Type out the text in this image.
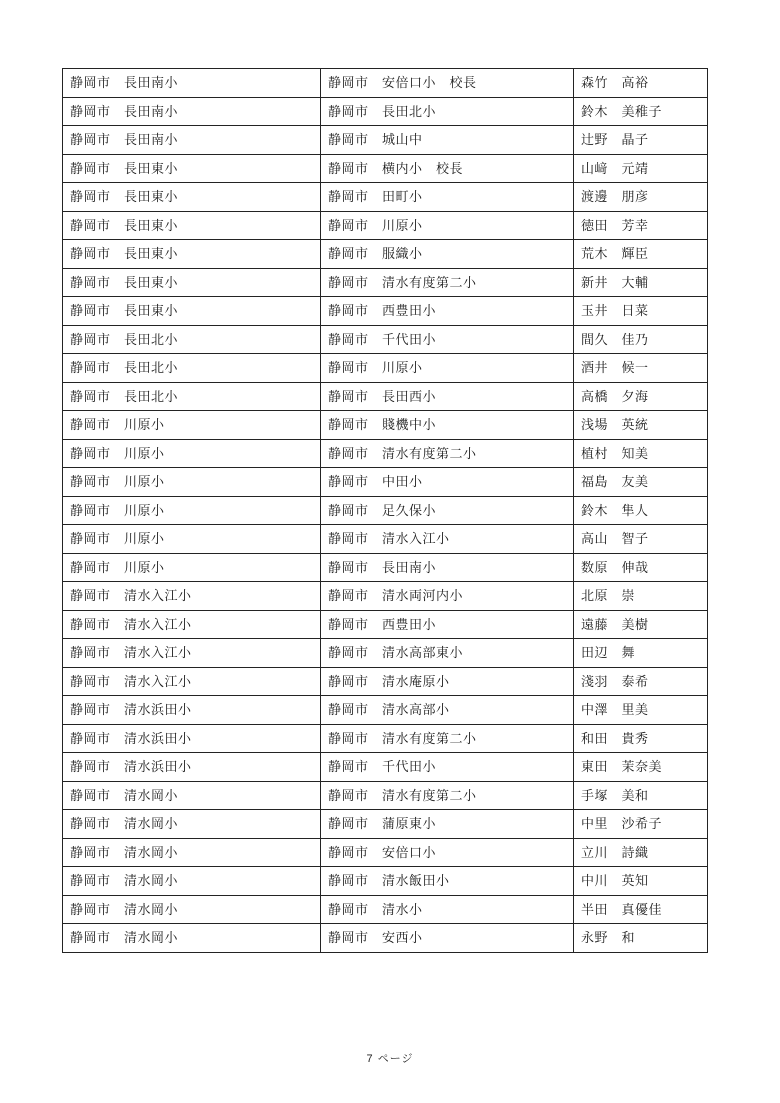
静岡市　長田南小	静岡市　安倍口小　校長	森竹　高裕
静岡市　長田南小	静岡市　長田北小	鈴木　美稚子
静岡市　長田南小	静岡市　城山中	辻野　晶子
静岡市　長田東小	静岡市　横内小　校長	山﨑　元靖
静岡市　長田東小	静岡市　田町小	渡邊　朋彦
静岡市　長田東小	静岡市　川原小	徳田　芳幸
静岡市　長田東小	静岡市　服織小	荒木　輝臣
静岡市　長田東小	静岡市　清水有度第二小	新井　大輔
静岡市　長田東小	静岡市　西豊田小	玉井　日菜
静岡市　長田北小	静岡市　千代田小	間久　佳乃
静岡市　長田北小	静岡市　川原小	酒井　候一
静岡市　長田北小	静岡市　長田西小	高橋　夕海
静岡市　川原小	静岡市　賤機中小	浅場　英統
静岡市　川原小	静岡市　清水有度第二小	植村　知美
静岡市　川原小	静岡市　中田小	福島　友美
静岡市　川原小	静岡市　足久保小	鈴木　隼人
静岡市　川原小	静岡市　清水入江小	高山　智子
静岡市　川原小	静岡市　長田南小	数原　伸哉
静岡市　清水入江小	静岡市　清水両河内小	北原　崇
静岡市　清水入江小	静岡市　西豊田小	遠藤　美樹
静岡市　清水入江小	静岡市　清水高部東小	田辺　舞
静岡市　清水入江小	静岡市　清水庵原小	淺羽　泰希
静岡市　清水浜田小	静岡市　清水高部小	中澤　里美
静岡市　清水浜田小	静岡市　清水有度第二小	和田　貴秀
静岡市　清水浜田小	静岡市　千代田小	東田　茉奈美
静岡市　清水岡小	静岡市　清水有度第二小	手塚　美和
静岡市　清水岡小	静岡市　蒲原東小	中里　沙希子
静岡市　清水岡小	静岡市　安倍口小	立川　詩織
静岡市　清水岡小	静岡市　清水飯田小	中川　英知
静岡市　清水岡小	静岡市　清水小	半田　真優佳
静岡市　清水岡小	静岡市　安西小	永野　和
7 ページ
